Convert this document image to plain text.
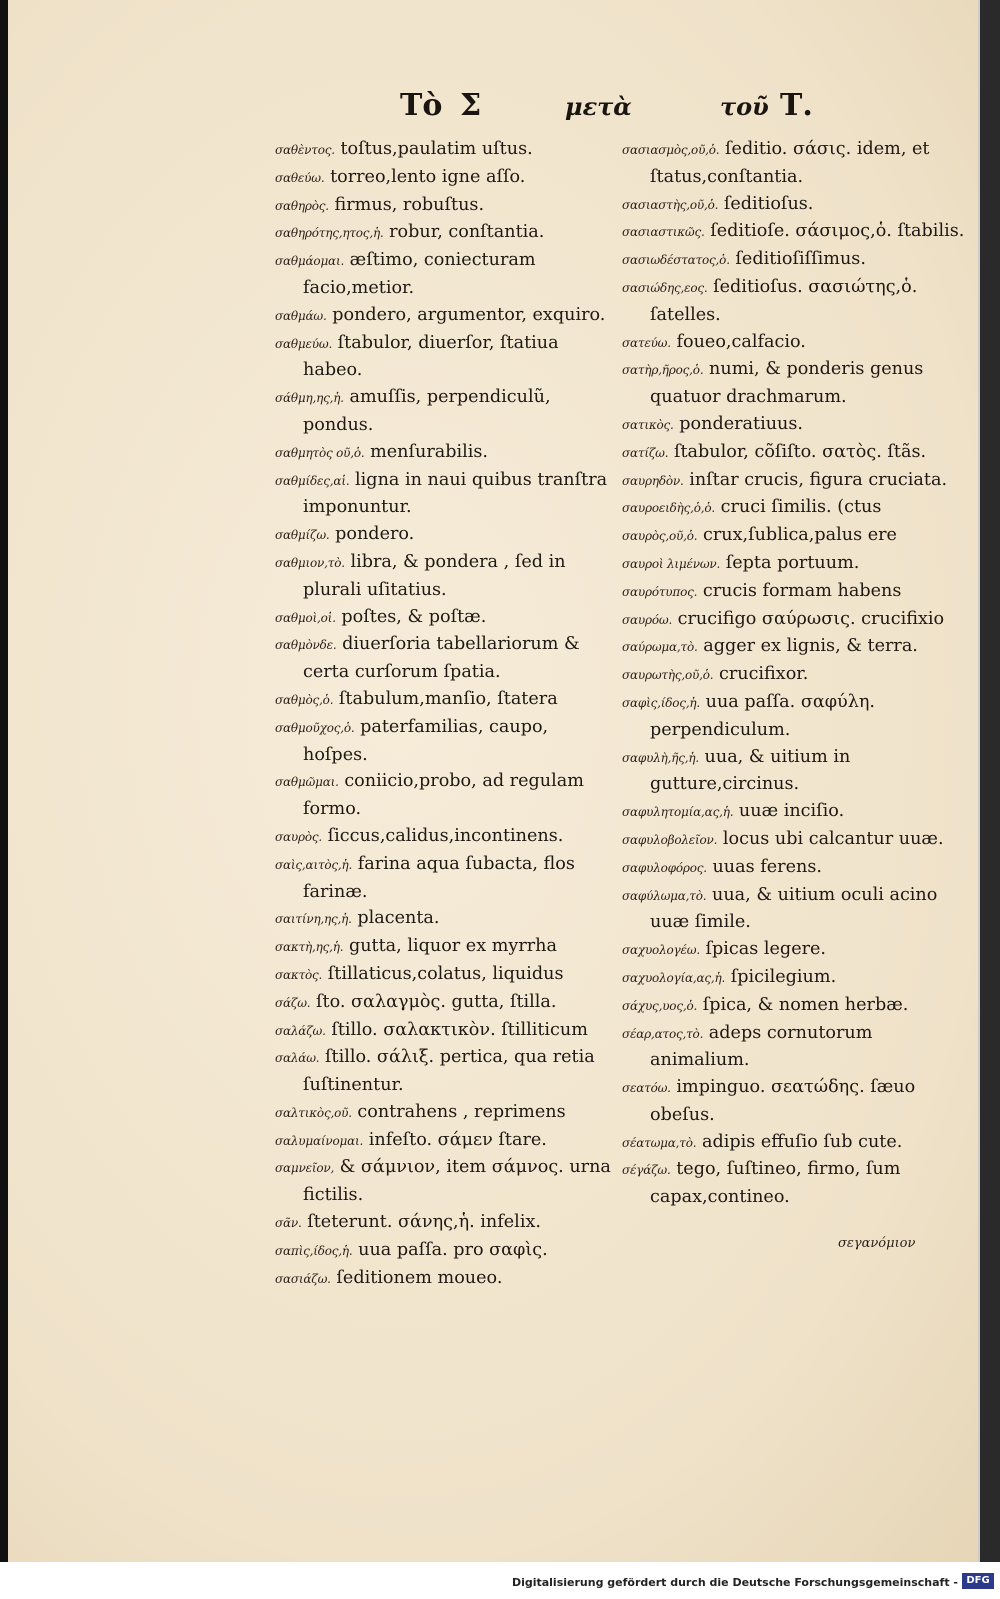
Τὸ Σ	μετὰ	τοῦ Τ.
σαθὲντος. toſtus,paulatim uſtus.
σαθεύω. torreo,lento igne aſſo.
σαθηρὸς. firmus, robuſtus.
σαθηρότης,ητος,ἡ. robur, conſtantia.
σαθμάομαι. æſtimo, coniecturam facio,metior.
σαθμάω. pondero, argumentor, exquiro.
σαθμεύω. ſtabulor, diuerſor, ſtatiua habeo.
σάθμη,ης,ἡ. amuſſis, perpendiculũ, pondus.
σαθμητὸς οῦ,ὁ. menſurabilis.
σαθμίδες,αἱ. ligna in naui quibus tranſtra imponuntur.
σαθμίζω. pondero.
σαθμιον,τὸ. libra, & pondera , ſed in plurali uſitatius.
σαθμοὶ,οἱ. poſtes, & poſtæ.
σαθμὸνδε. diuerſoria tabellariorum & certa curſorum ſpatia.
σαθμὸς,ὁ. ſtabulum,manſio, ſtatera
σαθμοῦχος,ὁ. paterfamilias, caupo, hoſpes.
σαθμῶμαι. coniicio,probo, ad regulam formo.
σαυρὸς. ſiccus,calidus,incontinens.
σαὶς,αιτὸς,ἡ. farina aqua ſubacta, flos farinæ.
σαιτίνη,ης,ἡ. placenta.
σακτὴ,ης,ἡ. gutta, liquor ex myrrha
σακτὸς. ſtillaticus,colatus, liquidus
σάζω. ſto. σαλαγμὸς. gutta, ſtilla.
σαλάζω. ſtillo. σαλακτικὸν. ſtilliticum
σαλάω. ſtillo. σάλιξ. pertica, qua retia ſuſtinentur.
σαλτικὸς,οῦ. contrahens , reprimens
σαλυμαίνομαι. infeſto. σάμεν ſtare.
σαμνεῖον, & σάμνιον, item σάμνος. urna fictilis.
σᾶν. ſteterunt. σάνης,ἡ. infelix.
σαπὶς,ίδος,ἡ. uua paſſa. pro σαφὶς.
σασιάζω. ſeditionem moueo.
σασιασμὸς,οῦ,ὁ. ſeditio. σάσις. idem, et ſtatus,conſtantia.
σασιαστὴς,οῦ,ὁ. ſeditioſus.
σασιαστικῶς. ſeditioſe. σάσιμος,ὁ. ſtabilis.
σασιωδέστατος,ὁ. ſeditioſiſſimus.
σασιώδης,εος. ſeditioſus. σασιώτης,ὁ. ſatelles.
σατεύω. foueo,calfacio.
σατὴρ,ῆρος,ὁ. numi, & ponderis genus quatuor drachmarum.
σατικὸς. ponderatiuus.
σατίζω. ſtabulor, cõſiſto. σατὸς. ſtãs.
σαυρηδὸν. inſtar crucis, figura cruciata.
σαυροειδὴς,ὁ,ὁ. cruci ſimilis. (ctus
σαυρὸς,οῦ,ὁ. crux,ſublica,palus ere
σαυροὶ λιμένων. ſepta portuum.
σαυρότυπος. crucis formam habens
σαυρόω. crucifigo σαύρωσις. crucifixio
σαύρωμα,τὸ. agger ex lignis, & terra.
σαυρωτὴς,οῦ,ὁ. crucifixor.
σαφὶς,ίδος,ἡ. uua paſſa. σαφύλη. perpendiculum.
σαφυλὴ,ῆς,ἡ. uua, & uitium in gutture,circinus.
σαφυλητομία,ας,ἡ. uuæ inciſio.
σαφυλοβολεῖον. locus ubi calcantur uuæ.
σαφυλοφόρος. uuas ferens.
σαφύλωμα,τὸ. uua, & uitium oculi acino uuæ ſimile.
σαχυολογέω. ſpicas legere.
σαχυολογία,ας,ἡ. ſpicilegium.
σάχυς,υος,ὁ. ſpica, & nomen herbæ.
σέαρ,ατος,τὸ. adeps cornutorum animalium.
σεατόω. impinguo. σεατώδης. ſæuo obeſus.
σέατωμα,τὸ. adipis effuſio ſub cute.
σέγάζω. tego, ſuſtineo, firmo, ſum capax,contineo.
σεγανόμιον
Digitalisierung gefördert durch die Deutsche Forschungsgemeinschaft - DFG
